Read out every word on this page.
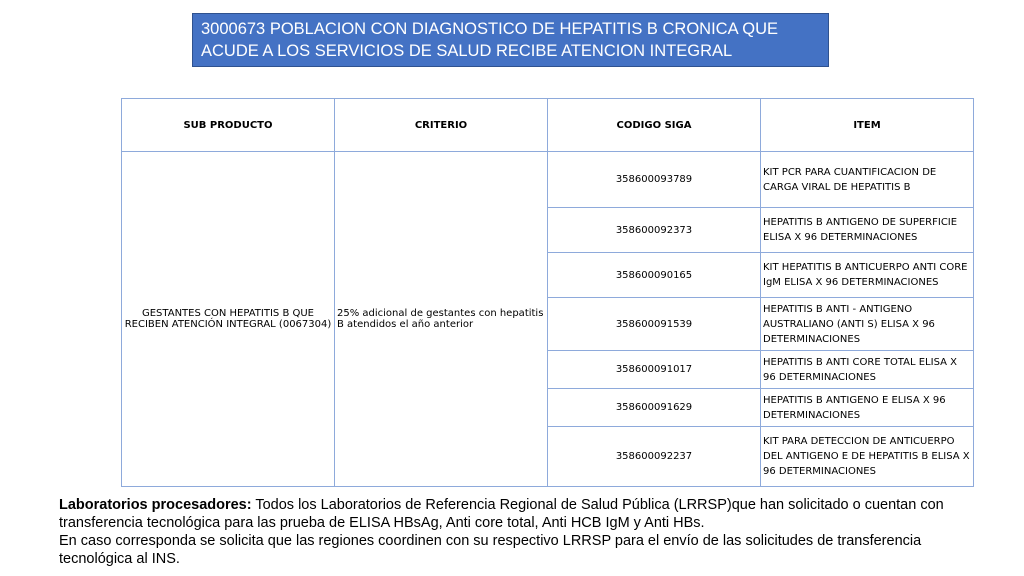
3000673 POBLACION CON DIAGNOSTICO DE HEPATITIS B CRONICA QUE ACUDE A LOS SERVICIOS DE SALUD RECIBE ATENCION INTEGRAL
SUB PRODUCTO	CRITERIO	CODIGO SIGA	ITEM
GESTANTES CON HEPATITIS B QUE RECIBEN ATENCIÓN INTEGRAL (0067304)	25% adicional de gestantes con hepatitis B atendidos el año anterior	358600093789	KIT PCR PARA CUANTIFICACION DE CARGA VIRAL DE HEPATITIS B
		358600092373	HEPATITIS B ANTIGENO DE SUPERFICIE ELISA X 96 DETERMINACIONES
		358600090165	KIT HEPATITIS B ANTICUERPO ANTI CORE IgM ELISA X 96 DETERMINACIONES
		358600091539	HEPATITIS B ANTI - ANTIGENO AUSTRALIANO (ANTI S) ELISA X 96 DETERMINACIONES
		358600091017	HEPATITIS B ANTI CORE TOTAL ELISA X 96 DETERMINACIONES
		358600091629	HEPATITIS B ANTIGENO E ELISA X 96 DETERMINACIONES
		358600092237	KIT PARA DETECCION DE ANTICUERPO DEL ANTIGENO E DE HEPATITIS B ELISA X 96 DETERMINACIONES
Laboratorios procesadores: Todos los Laboratorios de Referencia Regional de Salud Pública (LRRSP)que han solicitado o cuentan con transferencia tecnológica para las prueba de ELISA HBsAg, Anti core total, Anti HCB IgM y Anti HBs.
En caso corresponda se solicita que las regiones coordinen con su respectivo LRRSP para el envío de las solicitudes de transferencia tecnológica al INS.
